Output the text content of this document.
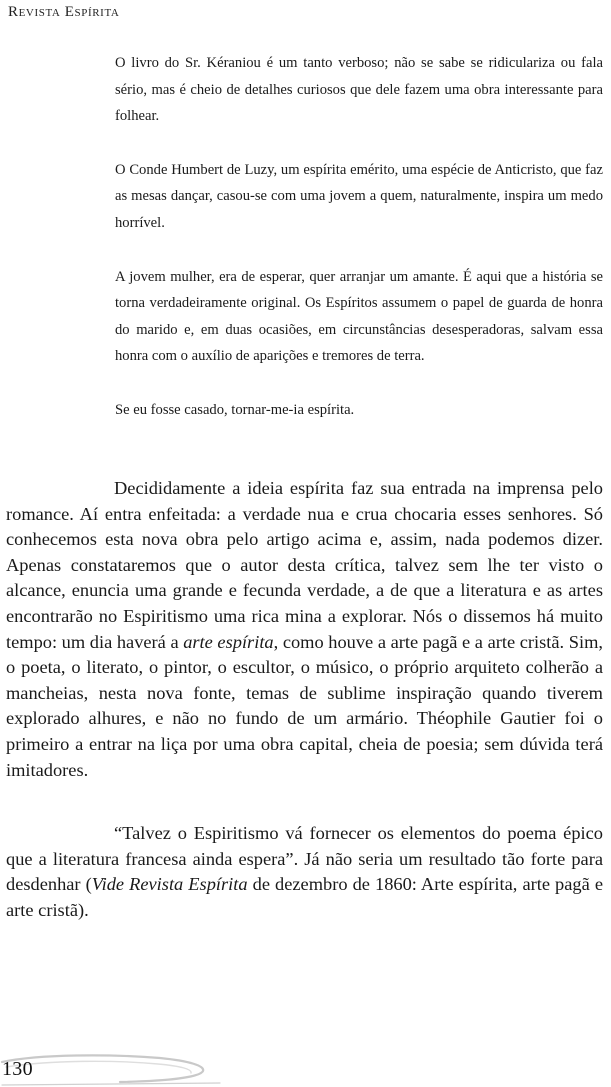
Revista Espírita

O livro do Sr. Kéraniou é um tanto verboso; não se sabe se ridiculariza ou fala sério, mas é cheio de detalhes curiosos que dele fazem uma obra interessante para folhear.

O Conde Humbert de Luzy, um espírita emérito, uma espécie de Anticristo, que faz as mesas dançar, casou-se com uma jovem a quem, naturalmente, inspira um medo horrível.

A jovem mulher, era de esperar, quer arranjar um amante. É aqui que a história se torna verdadeiramente original. Os Espíritos assumem o papel de guarda de honra do marido e, em duas ocasiões, em circunstâncias desesperadoras, salvam essa honra com o auxílio de aparições e tremores de terra.

Se eu fosse casado, tornar-me-ia espírita.

Decididamente a ideia espírita faz sua entrada na imprensa pelo romance. Aí entra enfeitada: a verdade nua e crua chocaria esses senhores. Só conhecemos esta nova obra pelo artigo acima e, assim, nada podemos dizer. Apenas constataremos que o autor desta crítica, talvez sem lhe ter visto o alcance, enuncia uma grande e fecunda verdade, a de que a literatura e as artes encontrarão no Espiritismo uma rica mina a explorar. Nós o dissemos há muito tempo: um dia haverá a arte espírita, como houve a arte pagã e a arte cristã. Sim, o poeta, o literato, o pintor, o escultor, o músico, o próprio arquiteto colherão a mancheias, nesta nova fonte, temas de sublime inspiração quando tiverem explorado alhures, e não no fundo de um armário. Théophile Gautier foi o primeiro a entrar na liça por uma obra capital, cheia de poesia; sem dúvida terá imitadores.

“Talvez o Espiritismo vá fornecer os elementos do poema épico que a literatura francesa ainda espera”. Já não seria um resultado tão forte para desdenhar (Vide Revista Espírita de dezembro de 1860: Arte espírita, arte pagã e arte cristã).

130
